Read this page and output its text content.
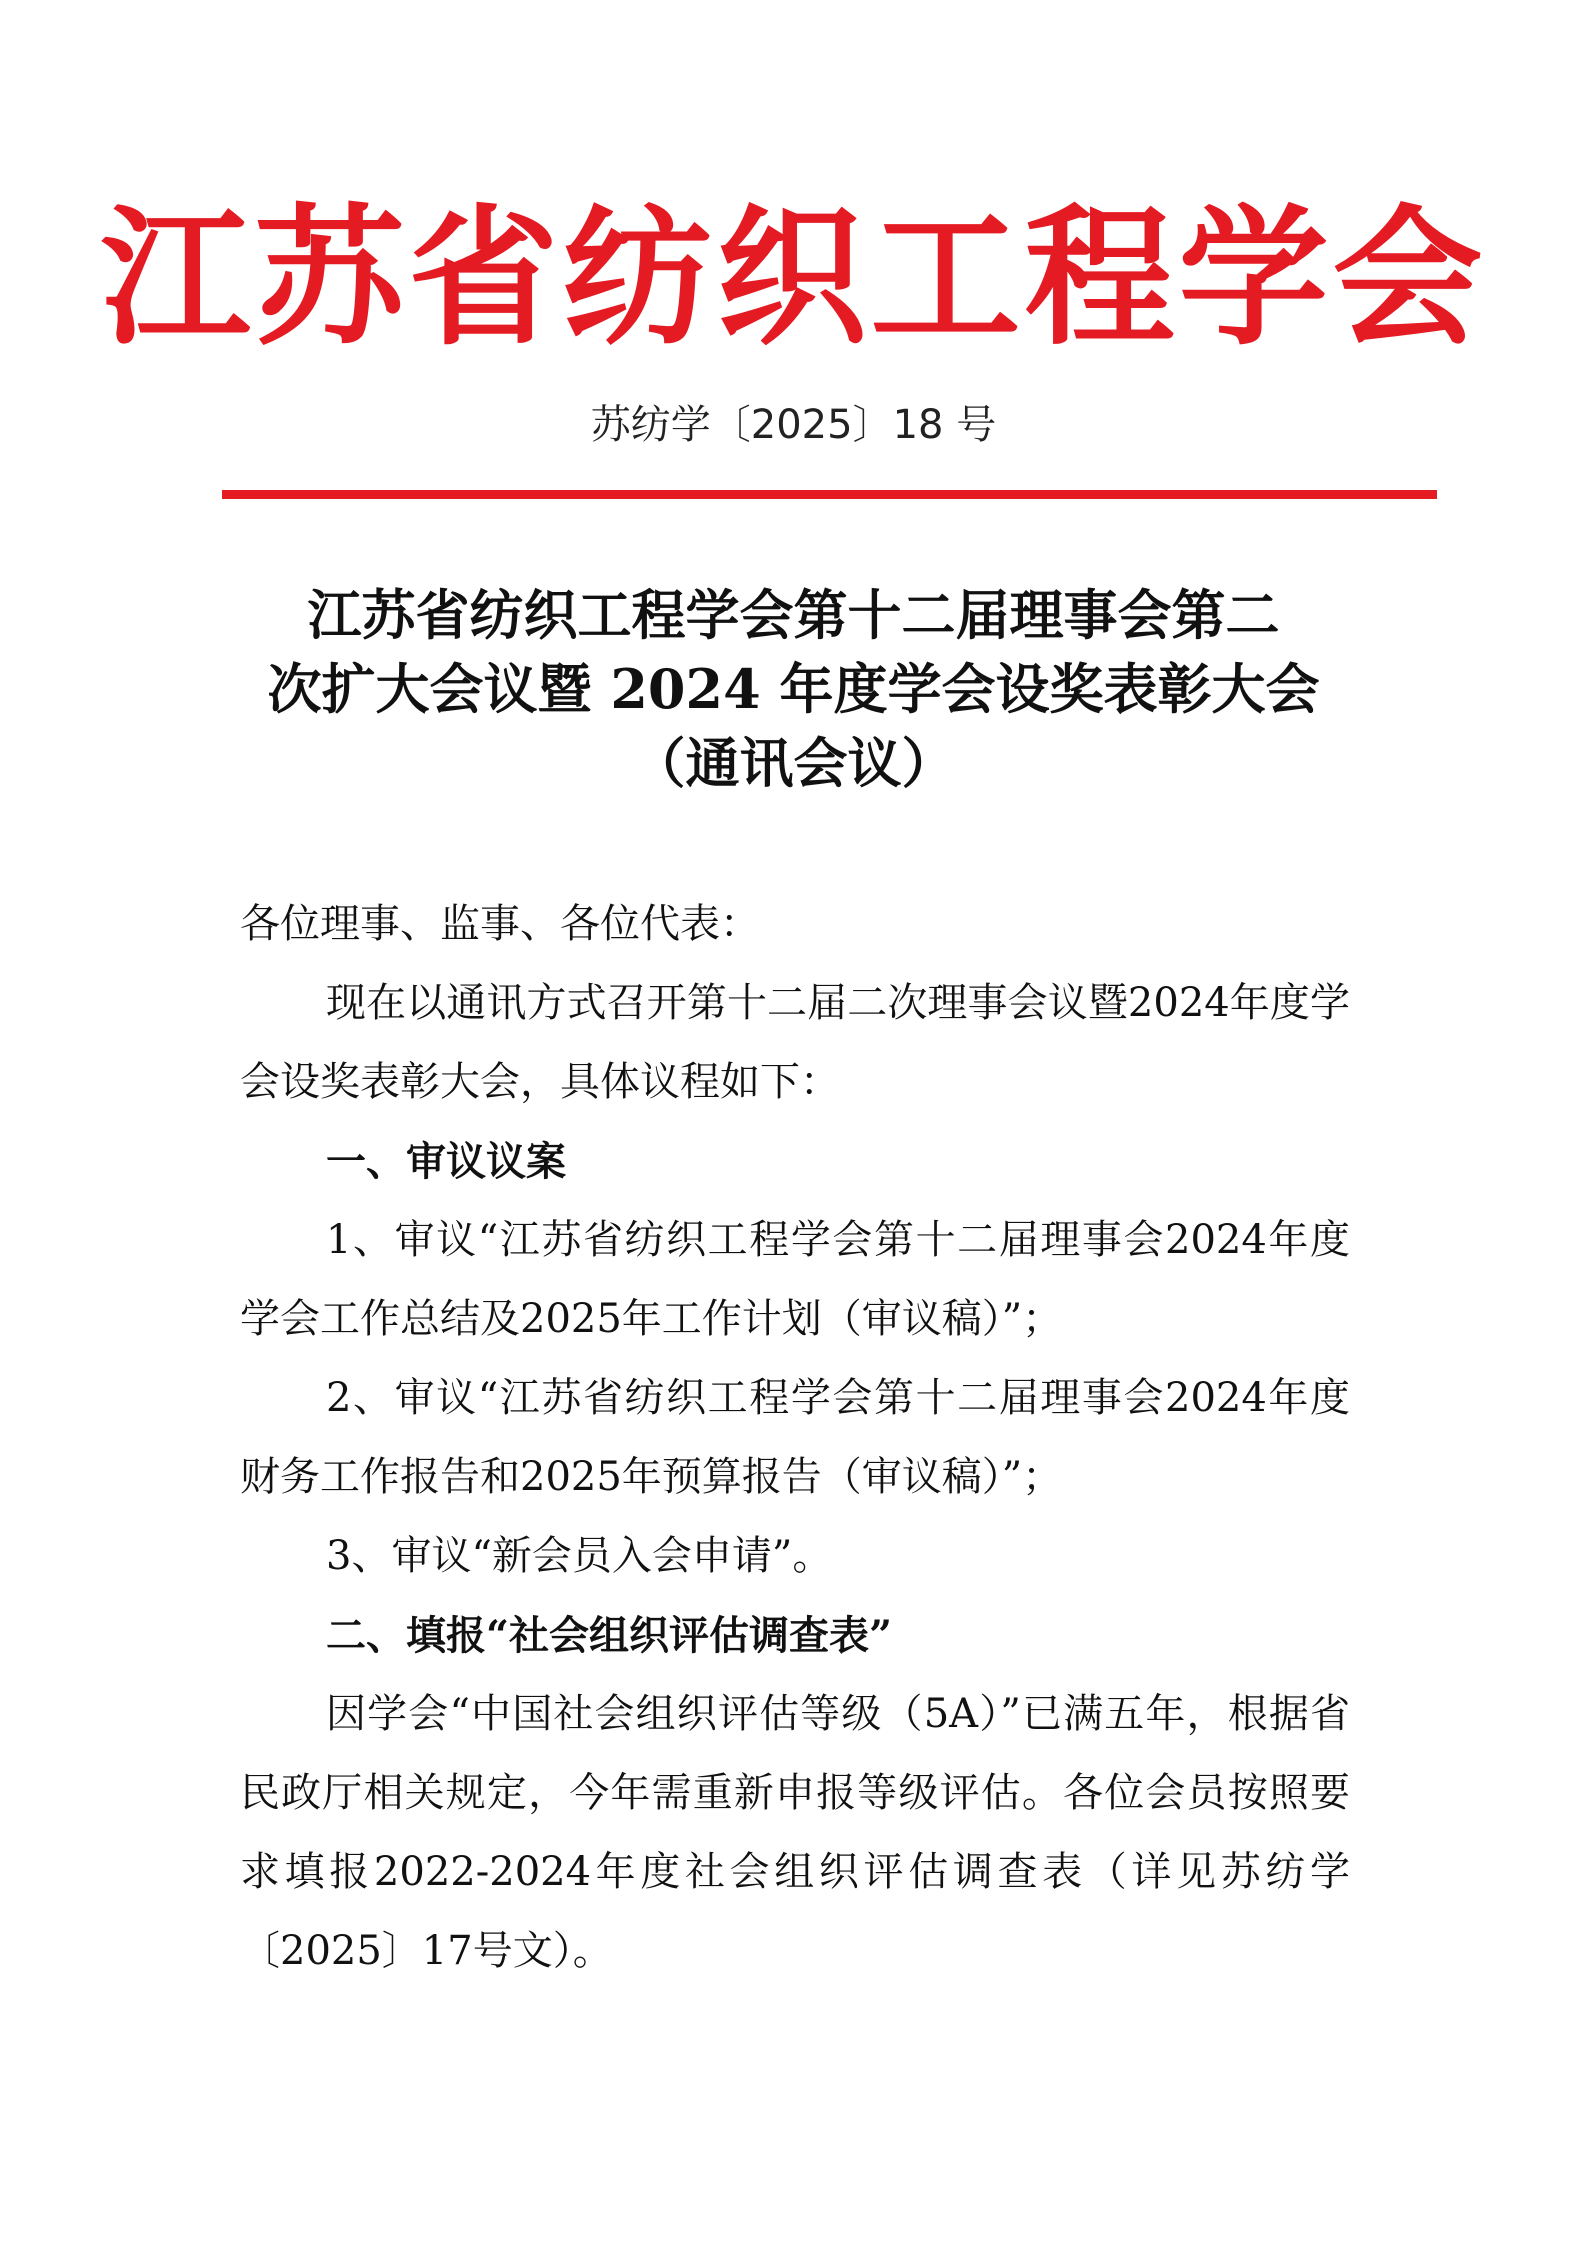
江苏省纺织工程学会
苏纺学〔2025〕18 号
江苏省纺织工程学会第十二届理事会第二
次扩大会议暨 2024 年度学会设奖表彰大会
（通讯会议）

各位理事、监事、各位代表：

现在以通讯方式召开第十二届二次理事会议暨2024年度学会设奖表彰大会，具体议程如下：

一、审议议案

1、审议“江苏省纺织工程学会第十二届理事会2024年度学会工作总结及2025年工作计划（审议稿）”；

2、审议“江苏省纺织工程学会第十二届理事会2024年度财务工作报告和2025年预算报告（审议稿）”；

3、审议“新会员入会申请”。

二、填报“社会组织评估调查表”

因学会“中国社会组织评估等级（5A）”已满五年，根据省民政厅相关规定，今年需重新申报等级评估。各位会员按照要求填报2022-2024年度社会组织评估调查表（详见苏纺学〔2025〕17号文）。
